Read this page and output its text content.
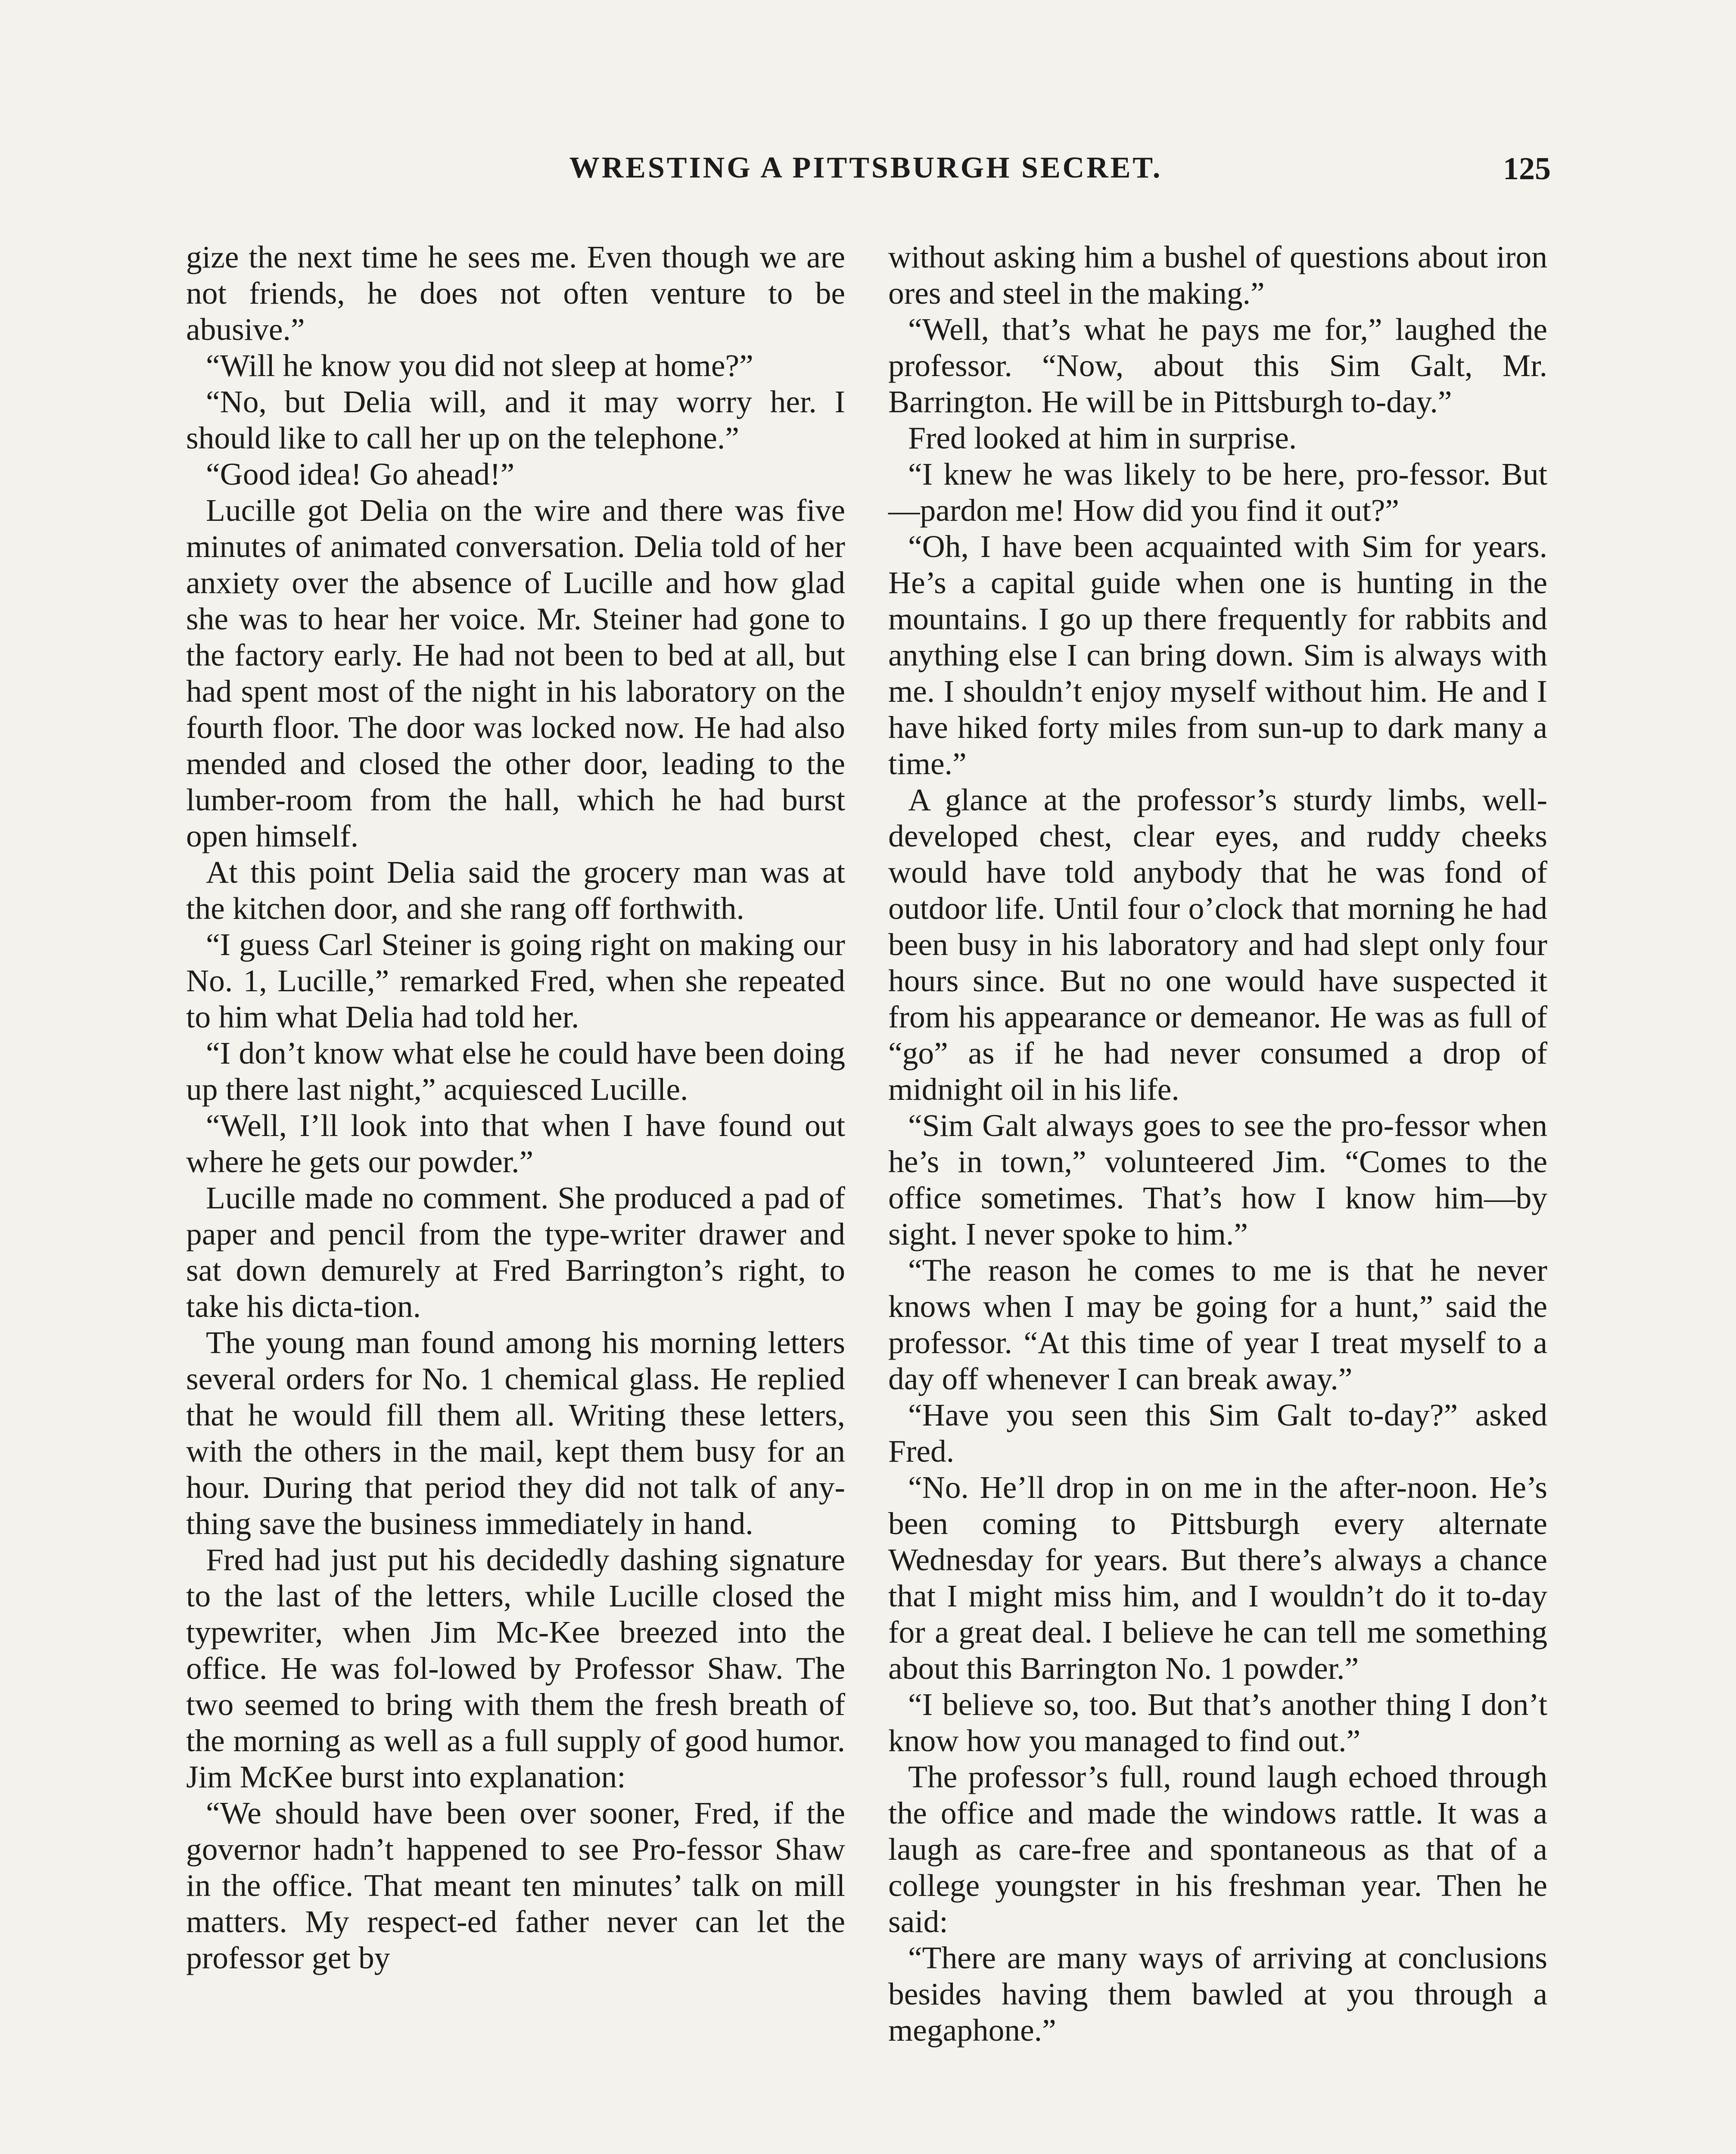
WRESTING A PITTSBURGH SECRET.	125

gize the next time he sees me. Even though we are not friends, he does not often venture to be abusive.”

“Will he know you did not sleep at home?”

“No, but Delia will, and it may worry her. I should like to call her up on the telephone.”

“Good idea! Go ahead!”

Lucille got Delia on the wire and there was five minutes of animated conversation. Delia told of her anxiety over the absence of Lucille and how glad she was to hear her voice. Mr. Steiner had gone to the factory early. He had not been to bed at all, but had spent most of the night in his laboratory on the fourth floor. The door was locked now. He had also mended and closed the other door, leading to the lumber-room from the hall, which he had burst open himself.

At this point Delia said the grocery man was at the kitchen door, and she rang off forthwith.

“I guess Carl Steiner is going right on making our No. 1, Lucille,” remarked Fred, when she repeated to him what Delia had told her.

“I don’t know what else he could have been doing up there last night,” acquiesced Lucille.

“Well, I’ll look into that when I have found out where he gets our powder.”

Lucille made no comment. She produced a pad of paper and pencil from the type-writer drawer and sat down demurely at Fred Barrington’s right, to take his dicta-tion.

The young man found among his morning letters several orders for No. 1 chemical glass. He replied that he would fill them all. Writing these letters, with the others in the mail, kept them busy for an hour. During that period they did not talk of any-thing save the business immediately in hand.

Fred had just put his decidedly dashing signature to the last of the letters, while Lucille closed the typewriter, when Jim Mc-Kee breezed into the office. He was fol-lowed by Professor Shaw. The two seemed to bring with them the fresh breath of the morning as well as a full supply of good humor. Jim McKee burst into explanation:

“We should have been over sooner, Fred, if the governor hadn’t happened to see Pro-fessor Shaw in the office. That meant ten minutes’ talk on mill matters. My respect-ed father never can let the professor get by

without asking him a bushel of questions about iron ores and steel in the making.”

“Well, that’s what he pays me for,” laughed the professor. “Now, about this Sim Galt, Mr. Barrington. He will be in Pittsburgh to-day.”

Fred looked at him in surprise.

“I knew he was likely to be here, pro-fessor. But—pardon me! How did you find it out?”

“Oh, I have been acquainted with Sim for years. He’s a capital guide when one is hunting in the mountains. I go up there frequently for rabbits and anything else I can bring down. Sim is always with me. I shouldn’t enjoy myself without him. He and I have hiked forty miles from sun-up to dark many a time.”

A glance at the professor’s sturdy limbs, well-developed chest, clear eyes, and ruddy cheeks would have told anybody that he was fond of outdoor life. Until four o’clock that morning he had been busy in his laboratory and had slept only four hours since. But no one would have suspected it from his appearance or demeanor. He was as full of “go” as if he had never consumed a drop of midnight oil in his life.

“Sim Galt always goes to see the pro-fessor when he’s in town,” volunteered Jim. “Comes to the office sometimes. That’s how I know him—by sight. I never spoke to him.”

“The reason he comes to me is that he never knows when I may be going for a hunt,” said the professor. “At this time of year I treat myself to a day off whenever I can break away.”

“Have you seen this Sim Galt to-day?” asked Fred.

“No. He’ll drop in on me in the after-noon. He’s been coming to Pittsburgh every alternate Wednesday for years. But there’s always a chance that I might miss him, and I wouldn’t do it to-day for a great deal. I believe he can tell me something about this Barrington No. 1 powder.”

“I believe so, too. But that’s another thing I don’t know how you managed to find out.”

The professor’s full, round laugh echoed through the office and made the windows rattle. It was a laugh as care-free and spontaneous as that of a college youngster in his freshman year. Then he said:

“There are many ways of arriving at conclusions besides having them bawled at you through a megaphone.”
